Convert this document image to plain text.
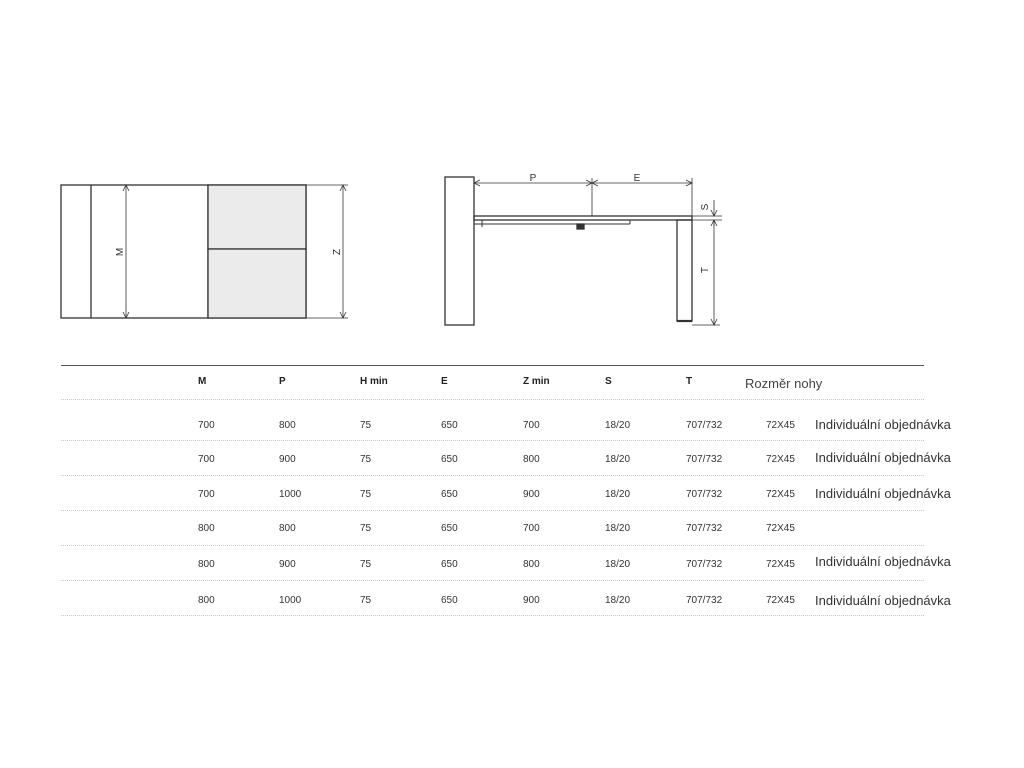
M	Z
P	E
S
T
M	P	H min	E	Z min	S	T	Rozměr nohy
700	800	75	650	700	18/20	707/732	72X45 Individuální objednávka
700	900	75	650	800	18/20	707/732	72X45 Individuální objednávka
700	1000	75	650	900	18/20	707/732	72X45 Individuální objednávka
800	800	75	650	700	18/20	707/732	72X45
800	900	75	650	800	18/20	707/732	72X45 Individuální objednávka
800	1000	75	650	900	18/20	707/732	72X45 Individuální objednávka
